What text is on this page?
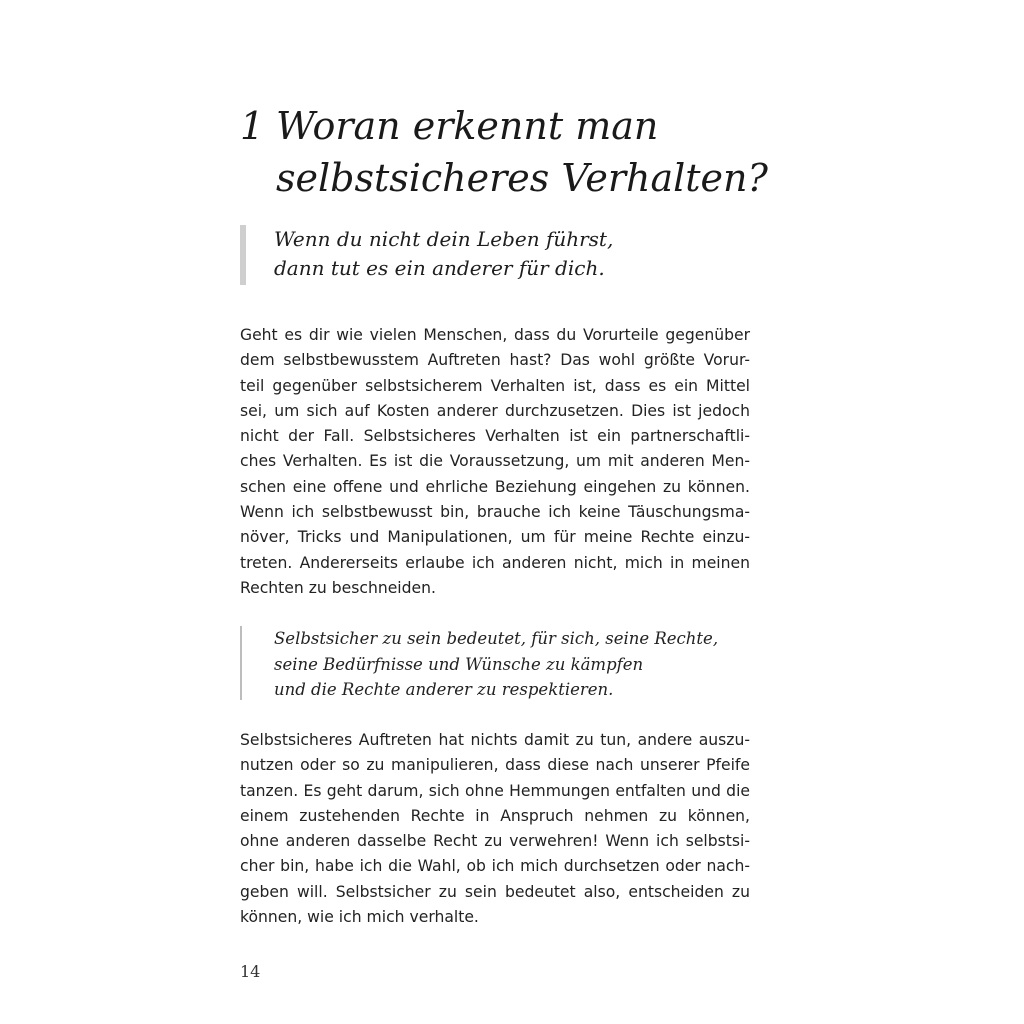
1 Woran erkennt man
selbstsicheres Verhalten?
Wenn du nicht dein Leben führst,
dann tut es ein anderer für dich.
Geht es dir wie vielen Menschen, dass du Vorurteile gegenüber
dem selbstbewusstem Auftreten hast? Das wohl größte Vorur-
teil gegenüber selbstsicherem Verhalten ist, dass es ein Mittel
sei, um sich auf Kosten anderer durchzusetzen. Dies ist jedoch
nicht der Fall. Selbstsicheres Verhalten ist ein partnerschaftli-
ches Verhalten. Es ist die Voraussetzung, um mit anderen Men-
schen eine offene und ehrliche Beziehung eingehen zu können.
Wenn ich selbstbewusst bin, brauche ich keine Täuschungsma-
növer, Tricks und Manipulationen, um für meine Rechte einzu-
treten. Andererseits erlaube ich anderen nicht, mich in meinen
Rechten zu beschneiden.
Selbstsicher zu sein bedeutet, für sich, seine Rechte,
seine Bedürfnisse und Wünsche zu kämpfen
und die Rechte anderer zu respektieren.
Selbstsicheres Auftreten hat nichts damit zu tun, andere auszu-
nutzen oder so zu manipulieren, dass diese nach unserer Pfeife
tanzen. Es geht darum, sich ohne Hemmungen entfalten und die
einem zustehenden Rechte in Anspruch nehmen zu können,
ohne anderen dasselbe Recht zu verwehren! Wenn ich selbstsi-
cher bin, habe ich die Wahl, ob ich mich durchsetzen oder nach-
geben will. Selbstsicher zu sein bedeutet also, entscheiden zu
können, wie ich mich verhalte.
14
